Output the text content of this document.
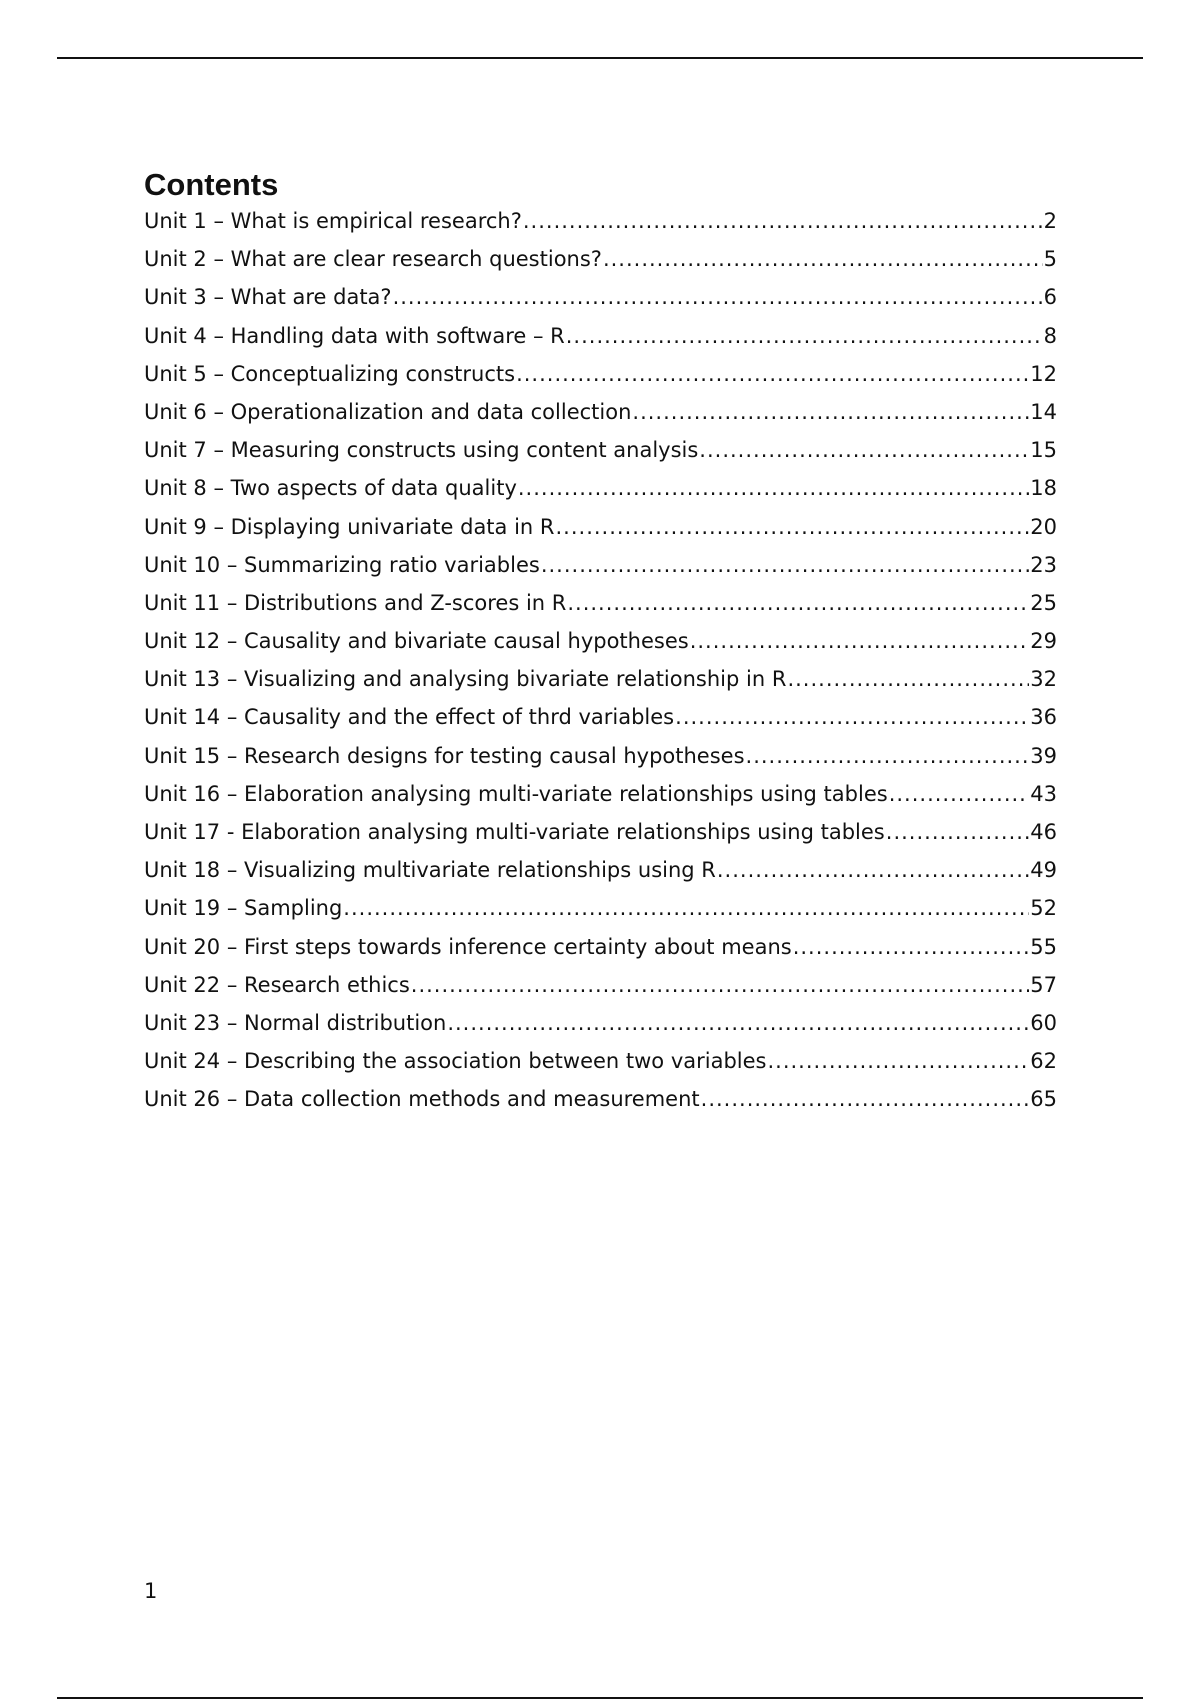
Contents
Unit 1 – What is empirical research? .....	2
Unit 2 – What are clear research questions? .....	5
Unit 3 – What are data? .....	6
Unit 4 – Handling data with software – R .....	8
Unit 5 – Conceptualizing constructs .....	12
Unit 6 – Operationalization and data collection .....	14
Unit 7 – Measuring constructs using content analysis .....	15
Unit 8 – Two aspects of data quality .....	18
Unit 9 – Displaying univariate data in R .....	20
Unit 10 – Summarizing ratio variables .....	23
Unit 11 – Distributions and Z-scores in R .....	25
Unit 12 – Causality and bivariate causal hypotheses .....	29
Unit 13 – Visualizing and analysing bivariate relationship in R .....	32
Unit 14 – Causality and the effect of thrd variables .....	36
Unit 15 – Research designs for testing causal hypotheses .....	39
Unit 16 – Elaboration analysing multi-variate relationships using tables .....	43
Unit 17 - Elaboration analysing multi-variate relationships using tables .....	46
Unit 18 – Visualizing multivariate relationships using R .....	49
Unit 19 – Sampling .....	52
Unit 20 – First steps towards inference certainty about means .....	55
Unit 22 – Research ethics .....	57
Unit 23 – Normal distribution .....	60
Unit 24 – Describing the association between two variables .....	62
Unit 26 – Data collection methods and measurement .....	65
1
